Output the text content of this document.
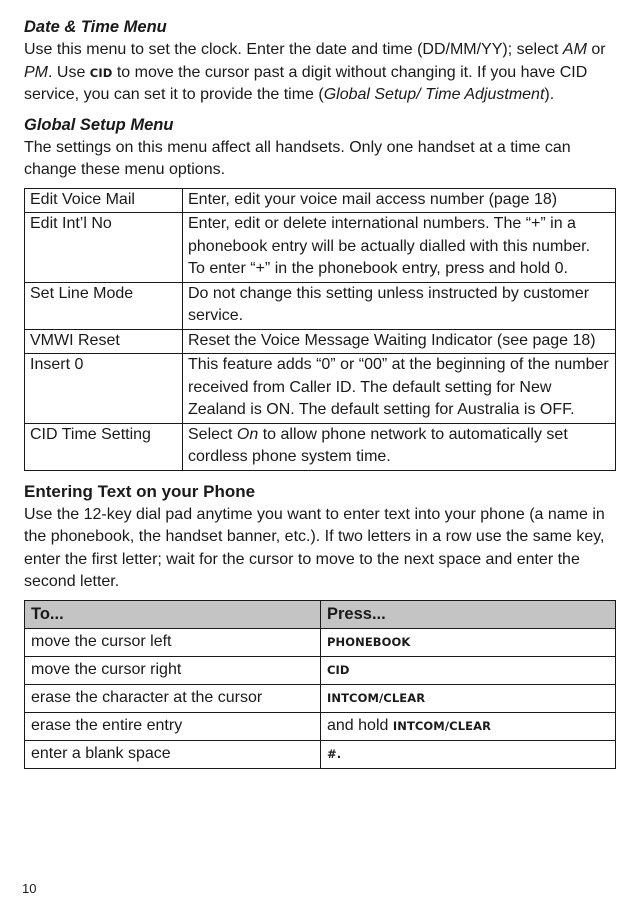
Date & Time Menu

Use this menu to set the clock. Enter the date and time (DD/MM/YY); select AM or PM. Use CID to move the cursor past a digit without changing it. If you have CID service, you can set it to provide the time (Global Setup/ Time Adjustment).

Global Setup Menu

The settings on this menu affect all handsets. Only one handset at a time can change these menu options.

Edit Voice Mail	Enter, edit your voice mail access number (page 18)
Edit Int’l No	Enter, edit or delete international numbers. The “+” in a phonebook entry will be actually dialled with this number. To enter “+” in the phonebook entry, press and hold 0.
Set Line Mode	Do not change this setting unless instructed by customer service.
VMWI Reset	Reset the Voice Message Waiting Indicator (see page 18)
Insert 0	This feature adds “0” or “00” at the beginning of the number received from Caller ID. The default setting for New Zealand is ON. The default setting for Australia is OFF.
CID Time Setting	Select On to allow phone network to automatically set cordless phone system time.
Entering Text on your Phone

Use the 12-key dial pad anytime you want to enter text into your phone (a name in the phonebook, the handset banner, etc.). If two letters in a row use the same key, enter the first letter; wait for the cursor to move to the next space and enter the second letter.

To...	Press...
move the cursor left	PHONEBOOK
move the cursor right	CID
erase the character at the cursor	INTCOM/CLEAR
erase the entire entry	and hold INTCOM/CLEAR
enter a blank space	#.
10
